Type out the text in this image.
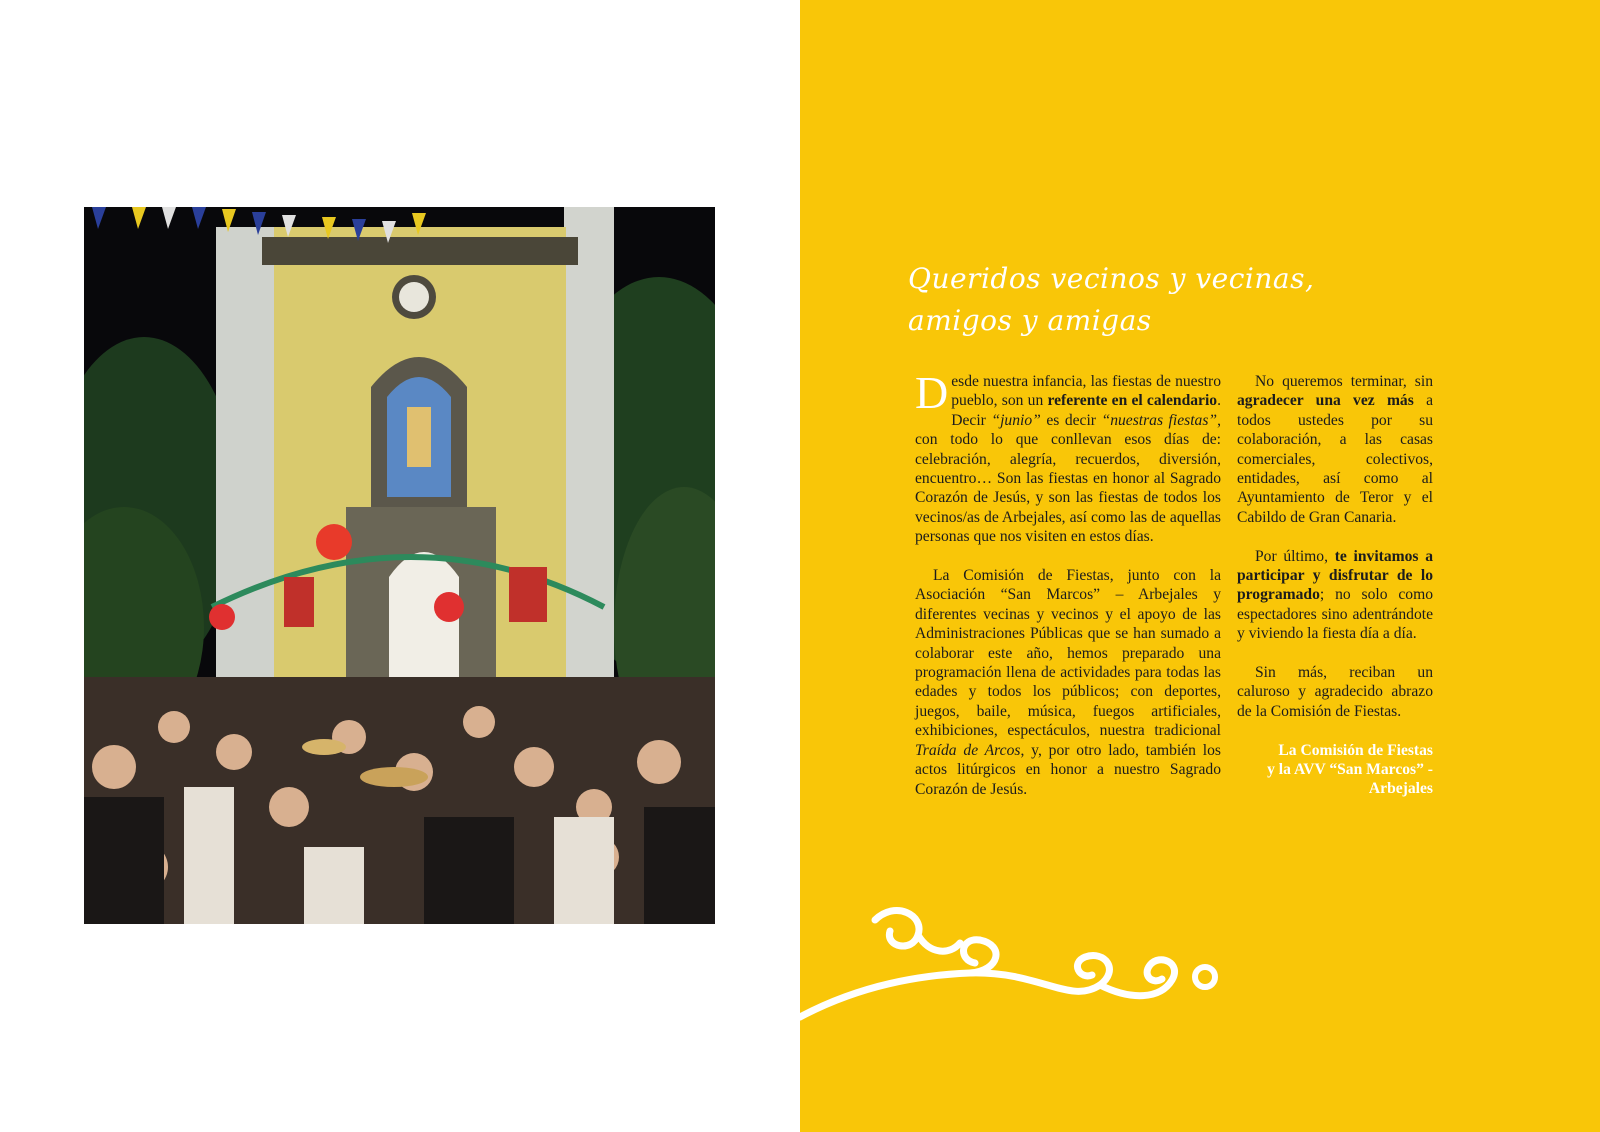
Queridos vecinos y vecinas,
amigos y amigas

Desde nuestra infancia, las fiestas de nuestro pueblo, son un referente en el calendario. Decir “junio” es decir “nuestras fiestas”, con todo lo que conllevan esos días de: celebración, alegría, recuerdos, diversión, encuentro… Son las fiestas en honor al Sagrado Corazón de Jesús, y son las fiestas de todos los vecinos/as de Arbejales, así como las de aquellas personas que nos visiten en estos días.

La Comisión de Fiestas, junto con la Asociación “San Marcos” – Arbejales y diferentes vecinas y vecinos y el apoyo de las Administraciones Públicas que se han sumado a colaborar este año, hemos preparado una programación llena de actividades para todas las edades y todos los públicos; con deportes, juegos, baile, música, fuegos artificiales, exhibiciones, espectáculos, nuestra tradicional Traída de Arcos, y, por otro lado, también los actos litúrgicos en honor a nuestro Sagrado Corazón de Jesús.

No queremos terminar, sin agradecer una vez más a todos ustedes por su colaboración, a las casas comerciales, colectivos, entidades, así como al Ayuntamiento de Teror y el Cabildo de Gran Canaria.

Por último, te invitamos a participar y disfrutar de lo programado; no solo como espectadores sino adentrándote y viviendo la fiesta día a día.

Sin más, reciban un caluroso y agradecido abrazo de la Comisión de Fiestas.

La Comisión de Fiestas
y la AVV “San Marcos” -
Arbejales
